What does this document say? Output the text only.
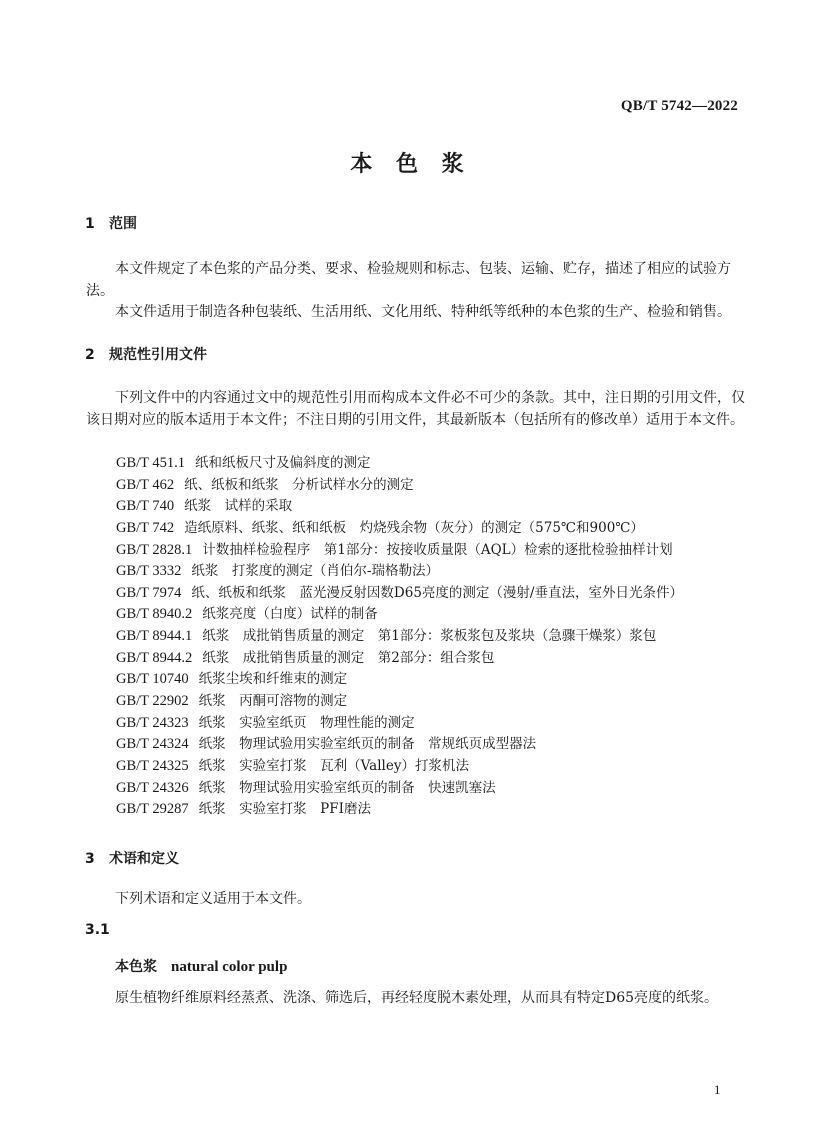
QB/T 5742—2022
本 色 浆
1 范围

本文件规定了本色浆的产品分类、要求、检验规则和标志、包装、运输、贮存，描述了相应的试验方法。

本文件适用于制造各种包装纸、生活用纸、文化用纸、特种纸等纸种的本色浆的生产、检验和销售。

2 规范性引用文件

下列文件中的内容通过文中的规范性引用而构成本文件必不可少的条款。其中，注日期的引用文件，仅该日期对应的版本适用于本文件；不注日期的引用文件，其最新版本（包括所有的修改单）适用于本文件。

GB/T 451.1 纸和纸板尺寸及偏斜度的测定
GB/T 462 纸、纸板和纸浆　分析试样水分的测定
GB/T 740 纸浆　试样的采取
GB/T 742 造纸原料、纸浆、纸和纸板　灼烧残余物（灰分）的测定（575℃和900℃）
GB/T 2828.1 计数抽样检验程序　第1部分：按接收质量限（AQL）检索的逐批检验抽样计划
GB/T 3332 纸浆　打浆度的测定（肖伯尔-瑞格勒法）
GB/T 7974 纸、纸板和纸浆　蓝光漫反射因数D65亮度的测定（漫射/垂直法，室外日光条件）
GB/T 8940.2 纸浆亮度（白度）试样的制备
GB/T 8944.1 纸浆　成批销售质量的测定　第1部分：浆板浆包及浆块（急骤干燥浆）浆包
GB/T 8944.2 纸浆　成批销售质量的测定　第2部分：组合浆包
GB/T 10740 纸浆尘埃和纤维束的测定
GB/T 22902 纸浆　丙酮可溶物的测定
GB/T 24323 纸浆　实验室纸页　物理性能的测定
GB/T 24324 纸浆　物理试验用实验室纸页的制备　常规纸页成型器法
GB/T 24325 纸浆　实验室打浆　瓦利（Valley）打浆机法
GB/T 24326 纸浆　物理试验用实验室纸页的制备　快速凯塞法
GB/T 29287 纸浆　实验室打浆　PFI磨法
3 术语和定义

下列术语和定义适用于本文件。

3.1
本色浆 natural color pulp
原生植物纤维原料经蒸煮、洗涤、筛选后，再经轻度脱木素处理，从而具有特定D65亮度的纸浆。
1
